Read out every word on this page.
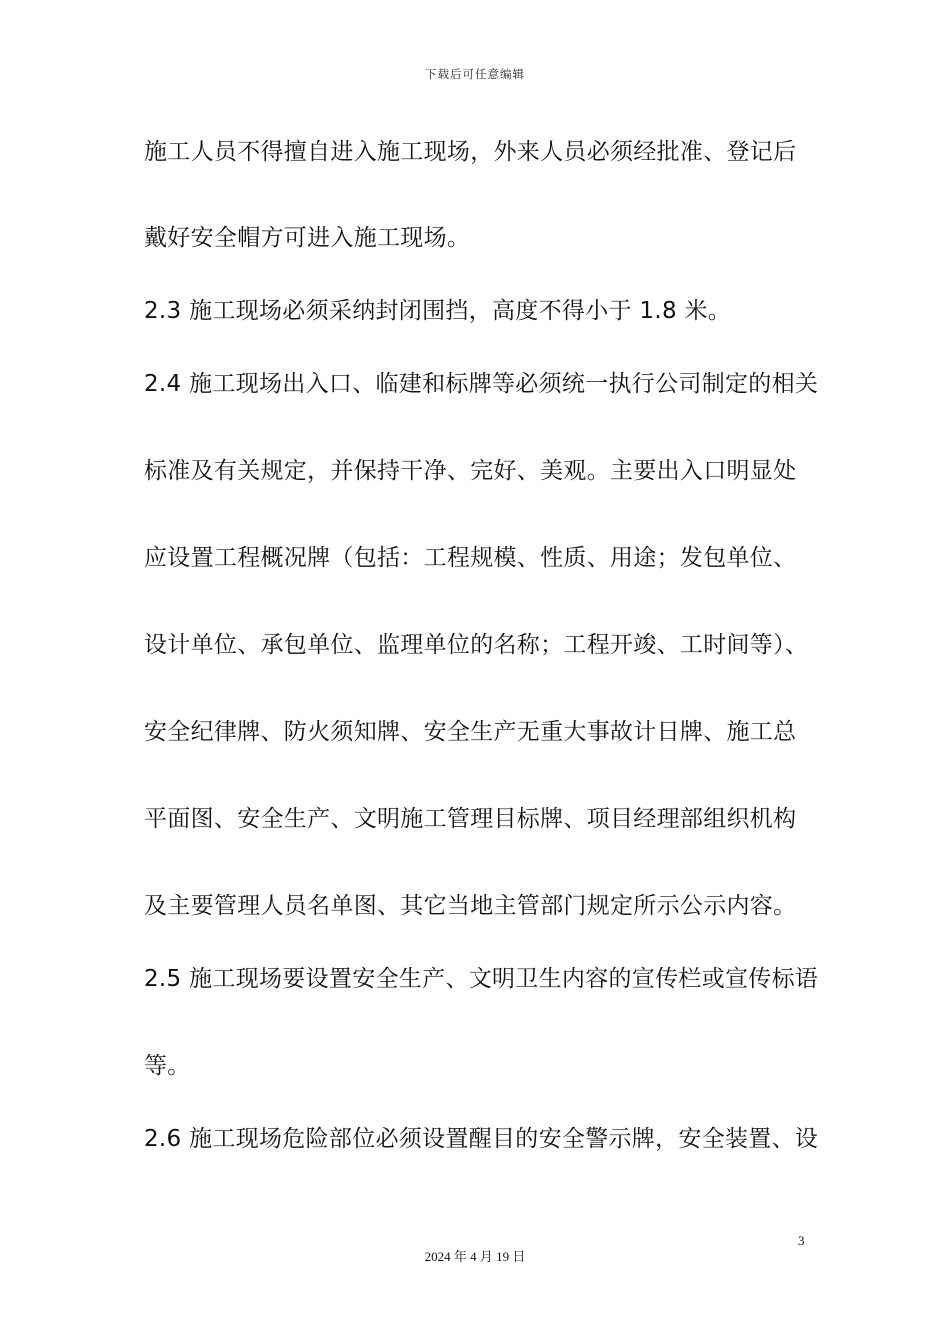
下载后可任意编辑
施工人员不得擅自进入施工现场，外来人员必须经批准、登记后
戴好安全帽方可进入施工现场。
2.3 施工现场必须采纳封闭围挡，高度不得小于 1.8 米。
2.4 施工现场出入口、临建和标牌等必须统一执行公司制定的相关
标准及有关规定，并保持干净、完好、美观。主要出入口明显处
应设置工程概况牌（包括：工程规模、性质、用途；发包单位、
设计单位、承包单位、监理单位的名称；工程开竣、工时间等）、
安全纪律牌、防火须知牌、安全生产无重大事故计日牌、施工总
平面图、安全生产、文明施工管理目标牌、项目经理部组织机构
及主要管理人员名单图、其它当地主管部门规定所示公示内容。
2.5 施工现场要设置安全生产、文明卫生内容的宣传栏或宣传标语
等。
2.6 施工现场危险部位必须设置醒目的安全警示牌，安全装置、设
3
2024 年 4 月 19 日
